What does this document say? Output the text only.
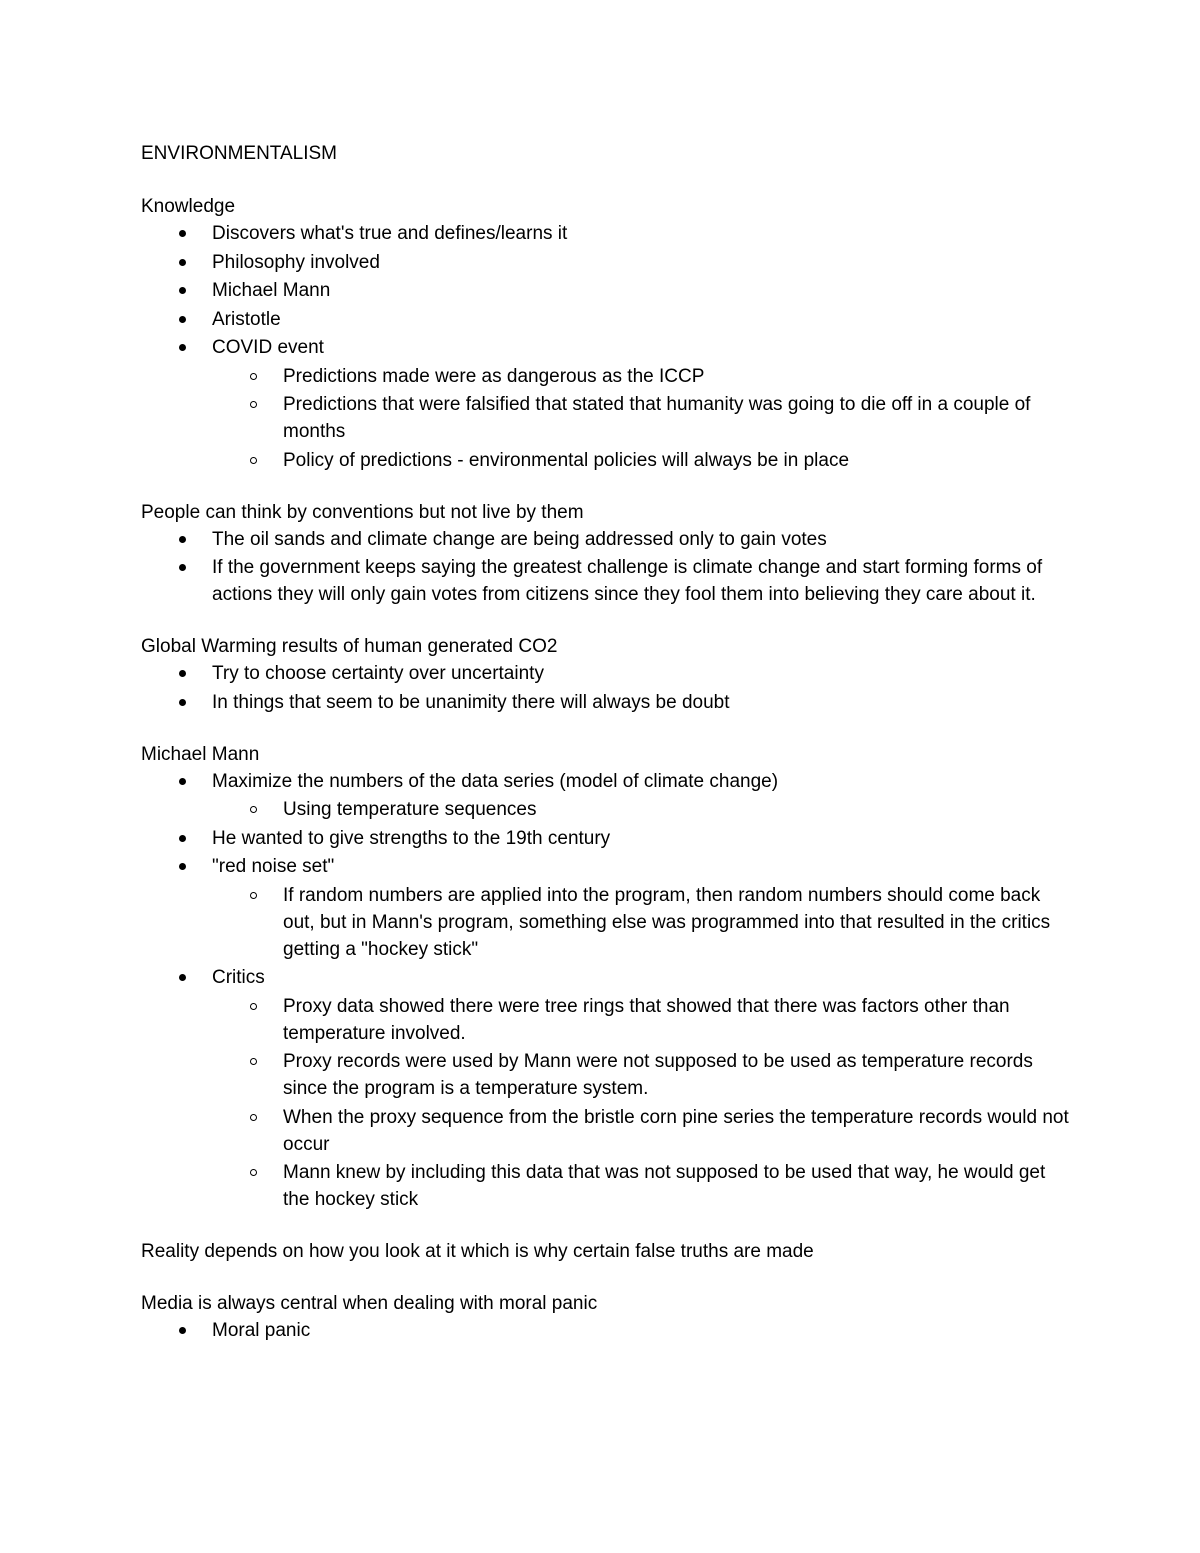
ENVIRONMENTALISM
Knowledge
Discovers what's true and defines/learns it
Philosophy involved
Michael Mann
Aristotle
COVID event
Predictions made were as dangerous as the ICCP
Predictions that were falsified that stated that humanity was going to die off in a couple of months
Policy of predictions - environmental policies will always be in place
People can think by conventions but not live by them
The oil sands and climate change are being addressed only to gain votes
If the government keeps saying the greatest challenge is climate change and start forming forms of actions they will only gain votes from citizens since they fool them into believing they care about it.
Global Warming results of human generated CO2
Try to choose certainty over uncertainty
In things that seem to be unanimity there will always be doubt
Michael Mann
Maximize the numbers of the data series (model of climate change)
Using temperature sequences
He wanted to give strengths to the 19th century
"red noise set"
If random numbers are applied into the program, then random numbers should come back out, but in Mann's program, something else was programmed into that resulted in the critics getting a "hockey stick"
Critics
Proxy data showed there were tree rings that showed that there was factors other than temperature involved.
Proxy records were used by Mann were not supposed to be used as temperature records since the program is a temperature system.
When the proxy sequence from the bristle corn pine series the temperature records would not occur
Mann knew by including this data that was not supposed to be used that way, he would get the hockey stick
Reality depends on how you look at it which is why certain false truths are made
Media is always central when dealing with moral panic
Moral panic
